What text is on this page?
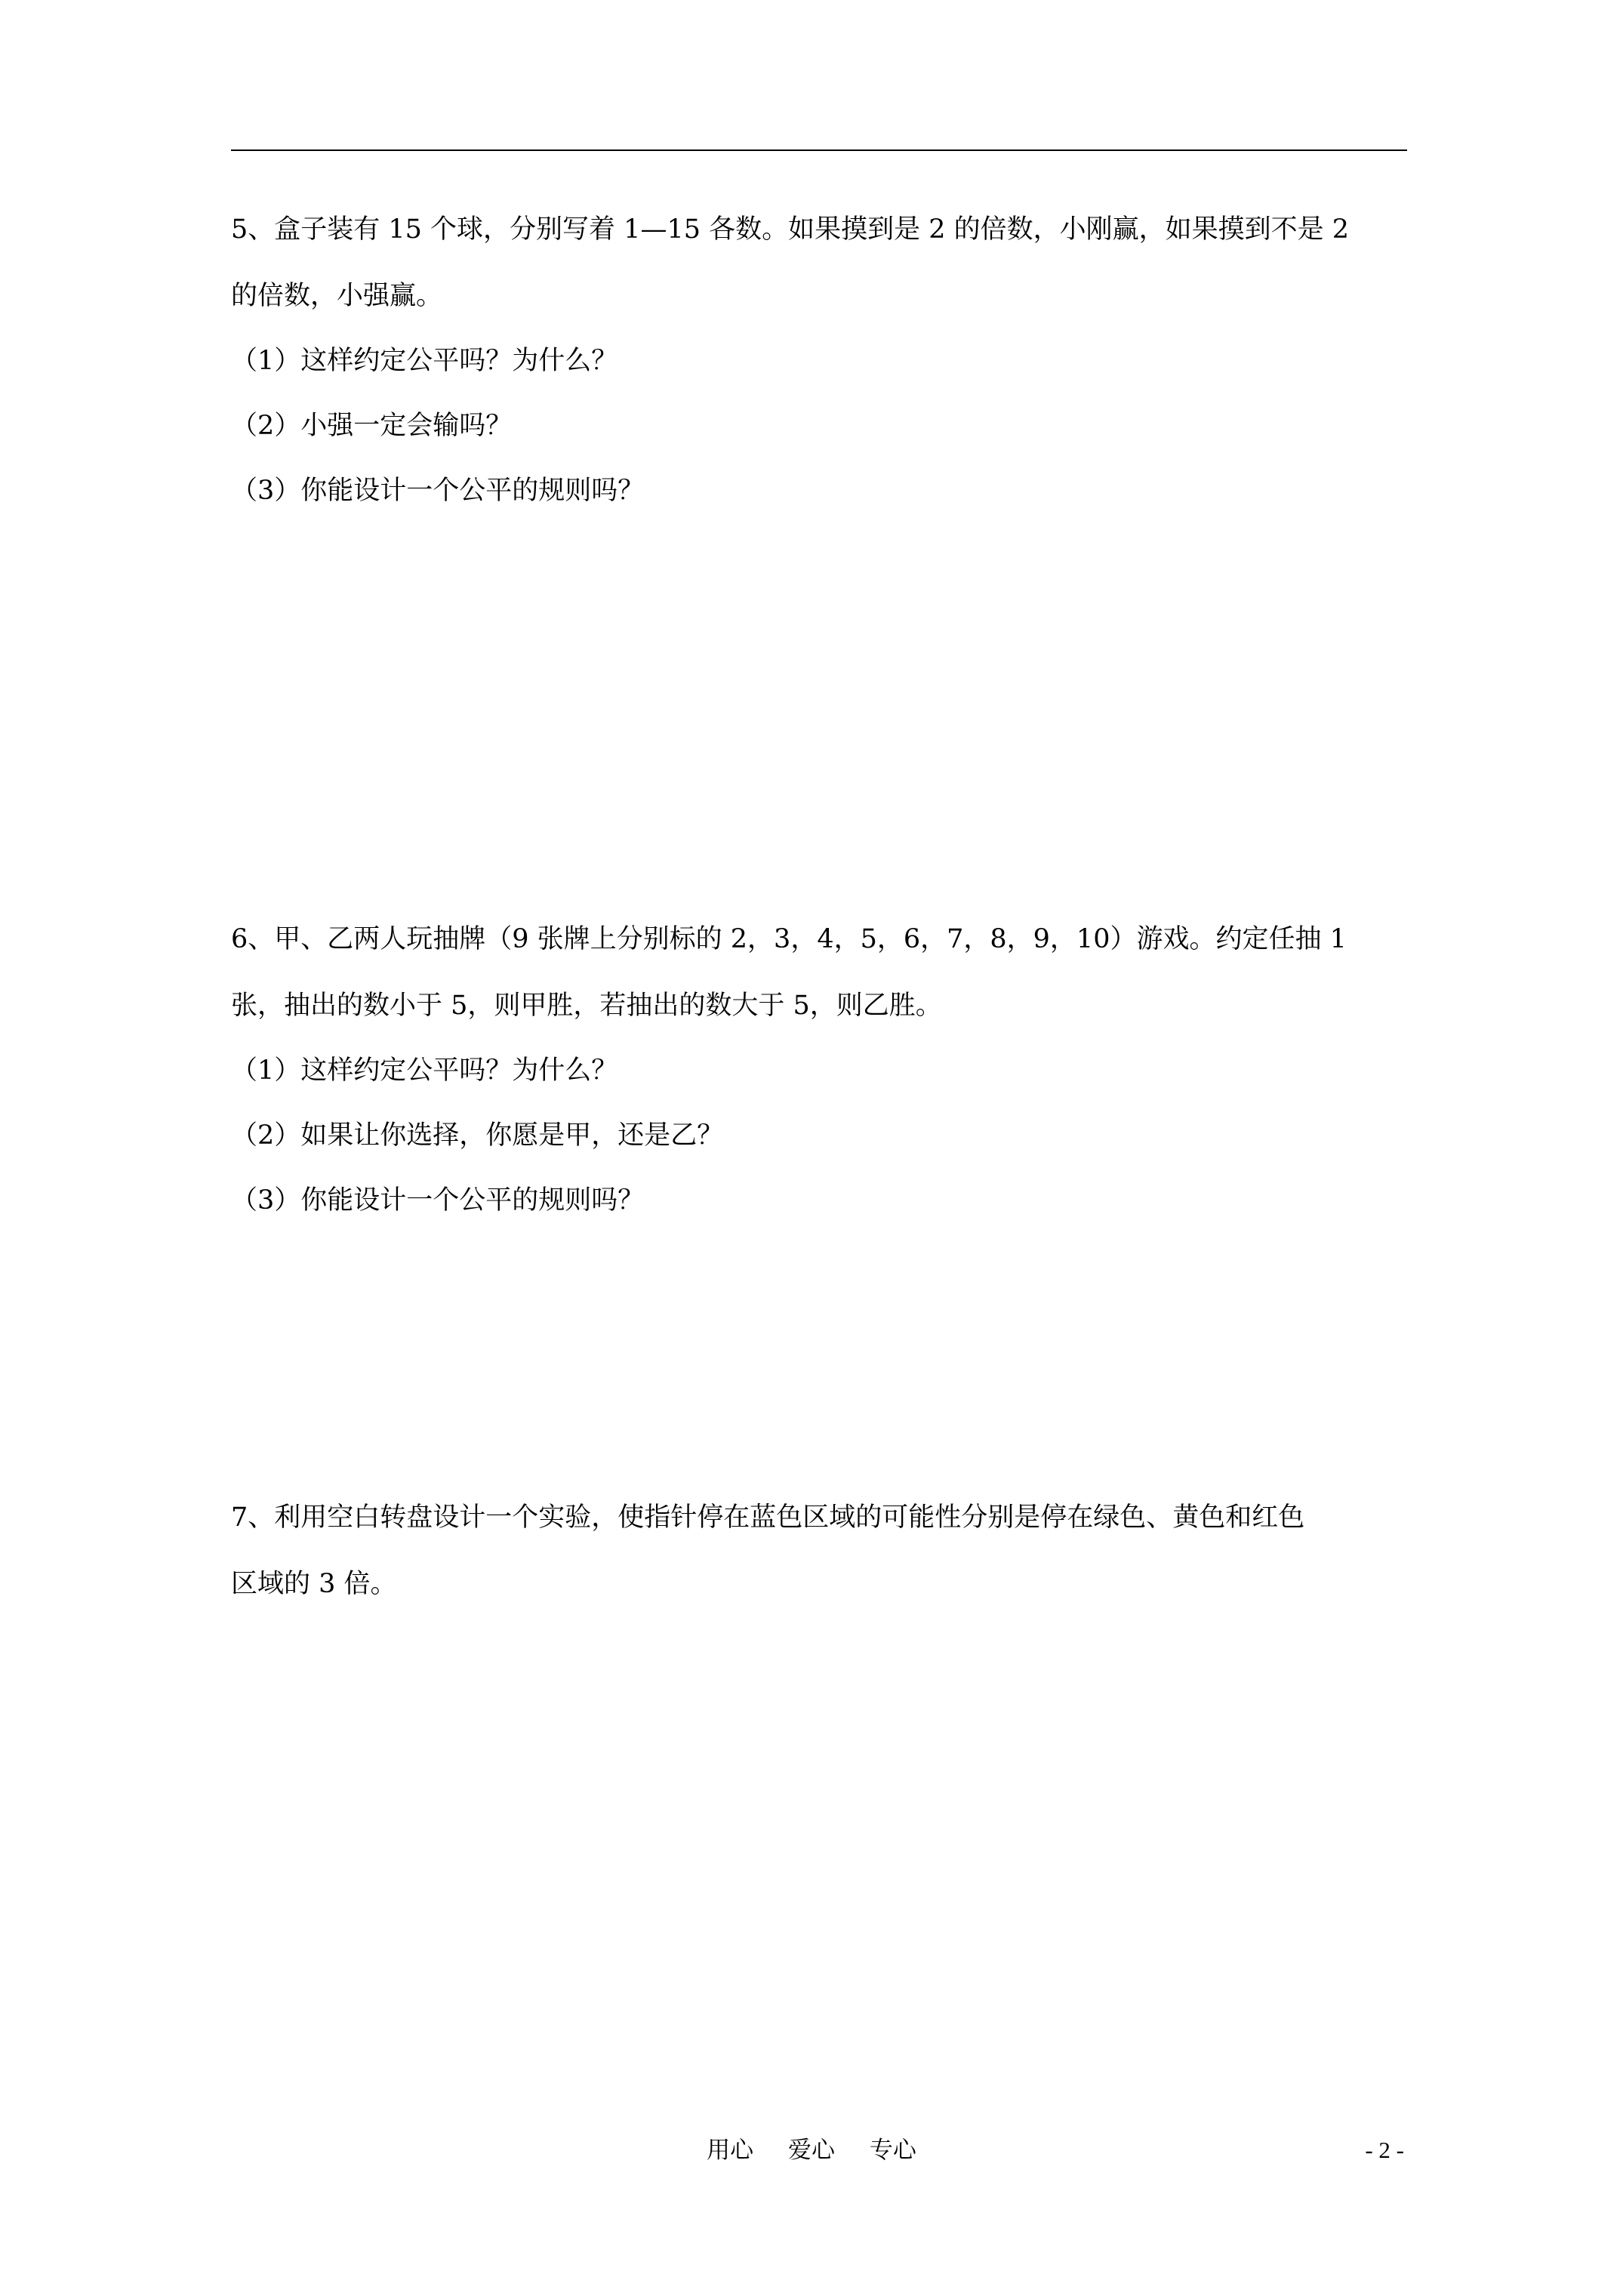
5、盒子装有 15 个球，分别写着 1—15 各数。如果摸到是 2 的倍数，小刚赢，如果摸到不是 2
的倍数，小强赢。
（1）这样约定公平吗？为什么？
（2）小强一定会输吗？
（3）你能设计一个公平的规则吗？
6、甲、乙两人玩抽牌（9 张牌上分别标的 2，3，4，5，6，7，8，9，10）游戏。约定任抽 1
张，抽出的数小于 5，则甲胜，若抽出的数大于 5，则乙胜。
（1）这样约定公平吗？为什么？
（2）如果让你选择，你愿是甲，还是乙？
（3）你能设计一个公平的规则吗？
7、利用空白转盘设计一个实验，使指针停在蓝色区域的可能性分别是停在绿色、黄色和红色
区域的 3 倍。
用心 爱心 专心	- 2 -
